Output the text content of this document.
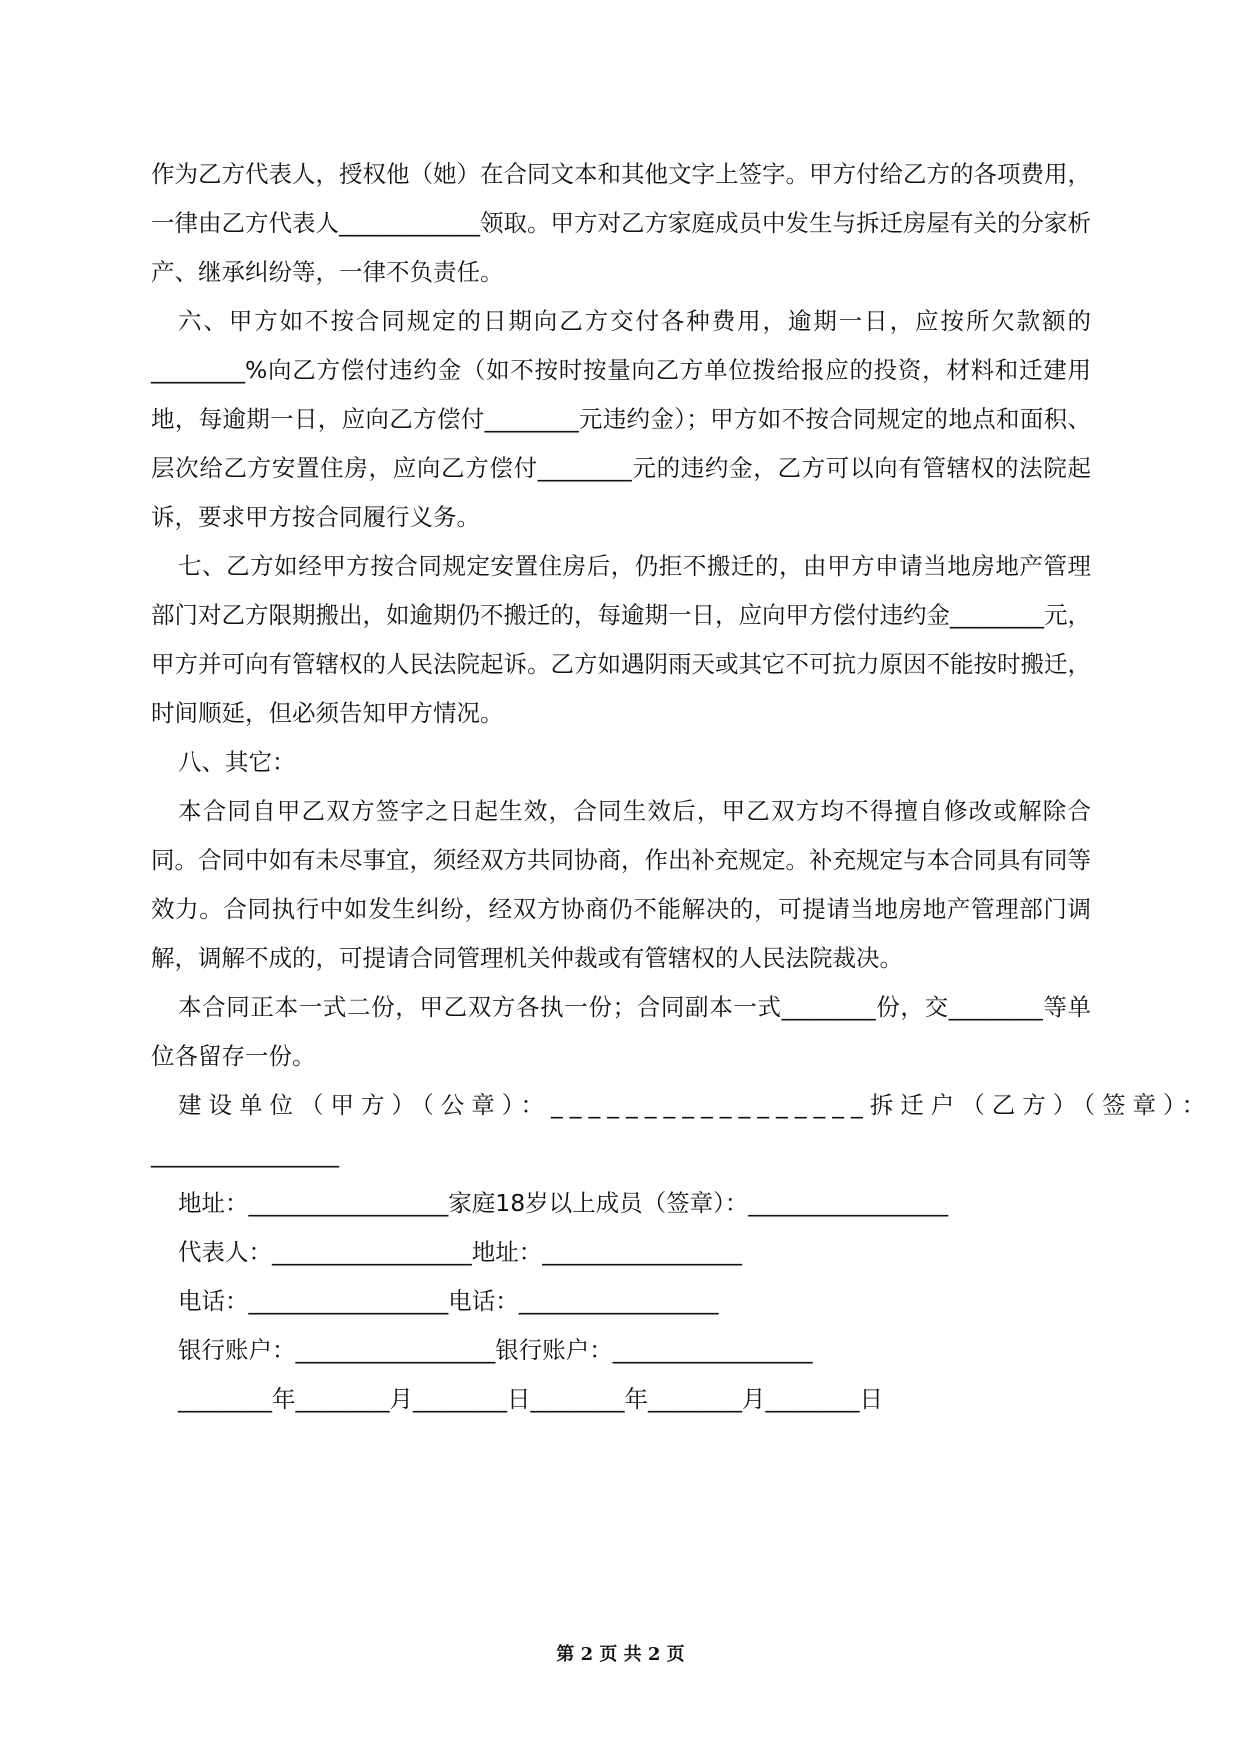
作为乙方代表人，授权他（她）在合同文本和其他文字上签字。甲方付给乙方的各项费用，一律由乙方代表人____________领取。甲方对乙方家庭成员中发生与拆迁房屋有关的分家析产、继承纠纷等，一律不负责任。

六、甲方如不按合同规定的日期向乙方交付各种费用，逾期一日，应按所欠款额的________%向乙方偿付违约金（如不按时按量向乙方单位拨给报应的投资，材料和迁建用地，每逾期一日，应向乙方偿付________元违约金）；甲方如不按合同规定的地点和面积、层次给乙方安置住房，应向乙方偿付________元的违约金，乙方可以向有管辖权的法院起诉，要求甲方按合同履行义务。

七、乙方如经甲方按合同规定安置住房后，仍拒不搬迁的，由甲方申请当地房地产管理部门对乙方限期搬出，如逾期仍不搬迁的，每逾期一日，应向甲方偿付违约金________元，甲方并可向有管辖权的人民法院起诉。乙方如遇阴雨天或其它不可抗力原因不能按时搬迁，时间顺延，但必须告知甲方情况。

八、其它：

本合同自甲乙双方签字之日起生效，合同生效后，甲乙双方均不得擅自修改或解除合同。合同中如有未尽事宜，须经双方共同协商，作出补充规定。补充规定与本合同具有同等效力。合同执行中如发生纠纷，经双方协商仍不能解决的，可提请当地房地产管理部门调解，调解不成的，可提请合同管理机关仲裁或有管辖权的人民法院裁决。

本合同正本一式二份，甲乙双方各执一份；合同副本一式________份，交________等单位各留存一份。

建设单位（甲方）（公章）：_________________拆迁户（乙方）（签章）：

________________

地址：_________________家庭18岁以上成员（签章）：_________________

代表人：_________________地址：_________________

电话：_________________电话：_________________

银行账户：_________________银行账户：_________________

________年________月________日________年________月________日

第 2 页 共 2 页
